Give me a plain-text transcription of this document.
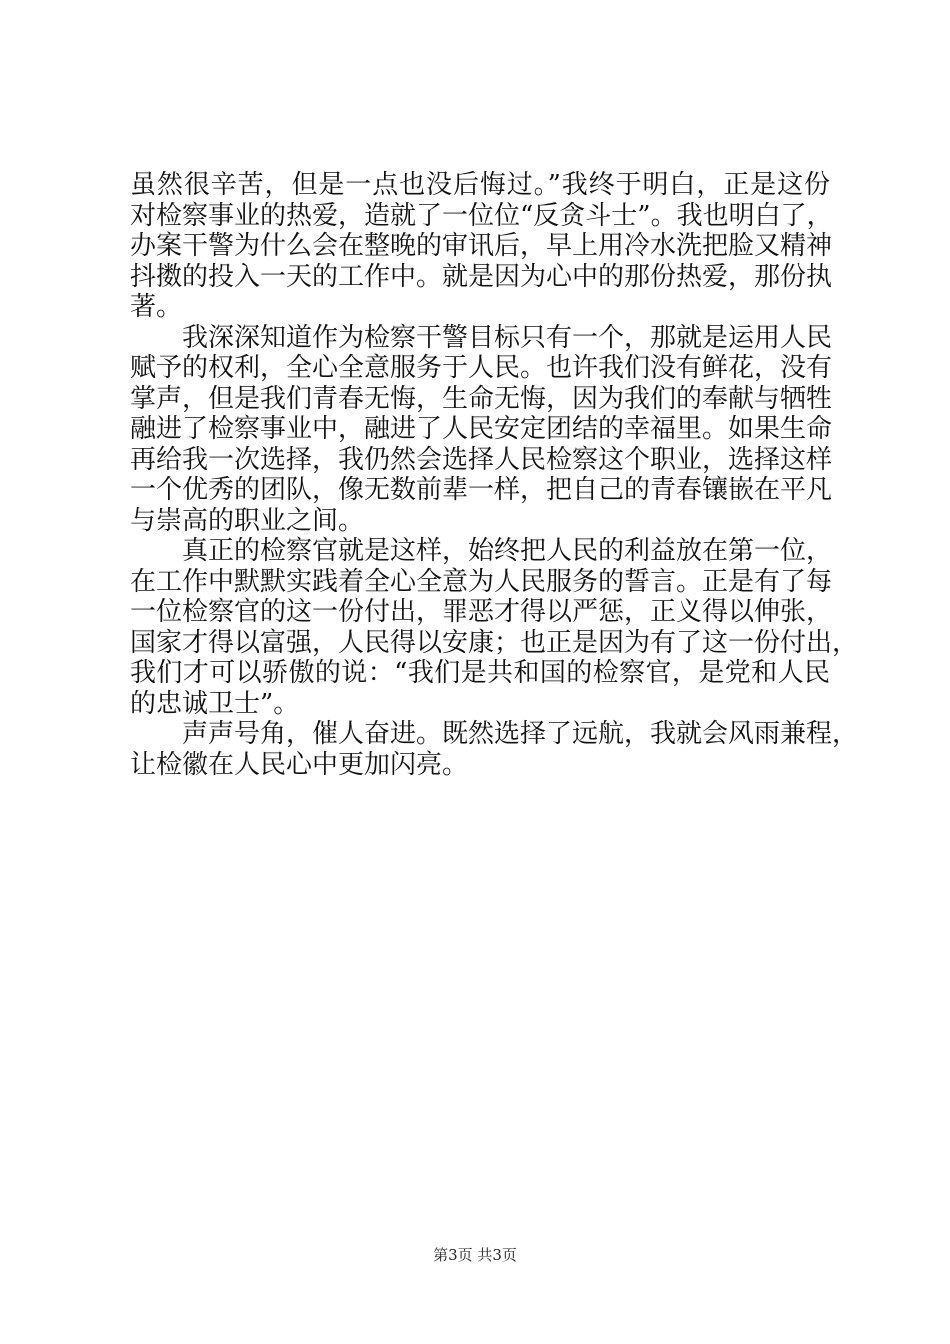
虽然很辛苦，但是一点也没后悔过。”我终于明白，正是这份
对检察事业的热爱，造就了一位位“反贪斗士”。我也明白了，
办案干警为什么会在整晚的审讯后，早上用冷水洗把脸又精神
抖擞的投入一天的工作中。就是因为心中的那份热爱，那份执
著。
我深深知道作为检察干警目标只有一个，那就是运用人民
赋予的权利，全心全意服务于人民。也许我们没有鲜花，没有
掌声，但是我们青春无悔，生命无悔，因为我们的奉献与牺牲
融进了检察事业中，融进了人民安定团结的幸福里。如果生命
再给我一次选择，我仍然会选择人民检察这个职业，选择这样
一个优秀的团队，像无数前辈一样，把自己的青春镶嵌在平凡
与崇高的职业之间。
真正的检察官就是这样，始终把人民的利益放在第一位，
在工作中默默实践着全心全意为人民服务的誓言。正是有了每
一位检察官的这一份付出，罪恶才得以严惩，正义得以伸张，
国家才得以富强，人民得以安康；也正是因为有了这一份付出，
我们才可以骄傲的说：“我们是共和国的检察官，是党和人民
的忠诚卫士”。
声声号角，催人奋进。既然选择了远航，我就会风雨兼程，
让检徽在人民心中更加闪亮。
第3页 共3页
